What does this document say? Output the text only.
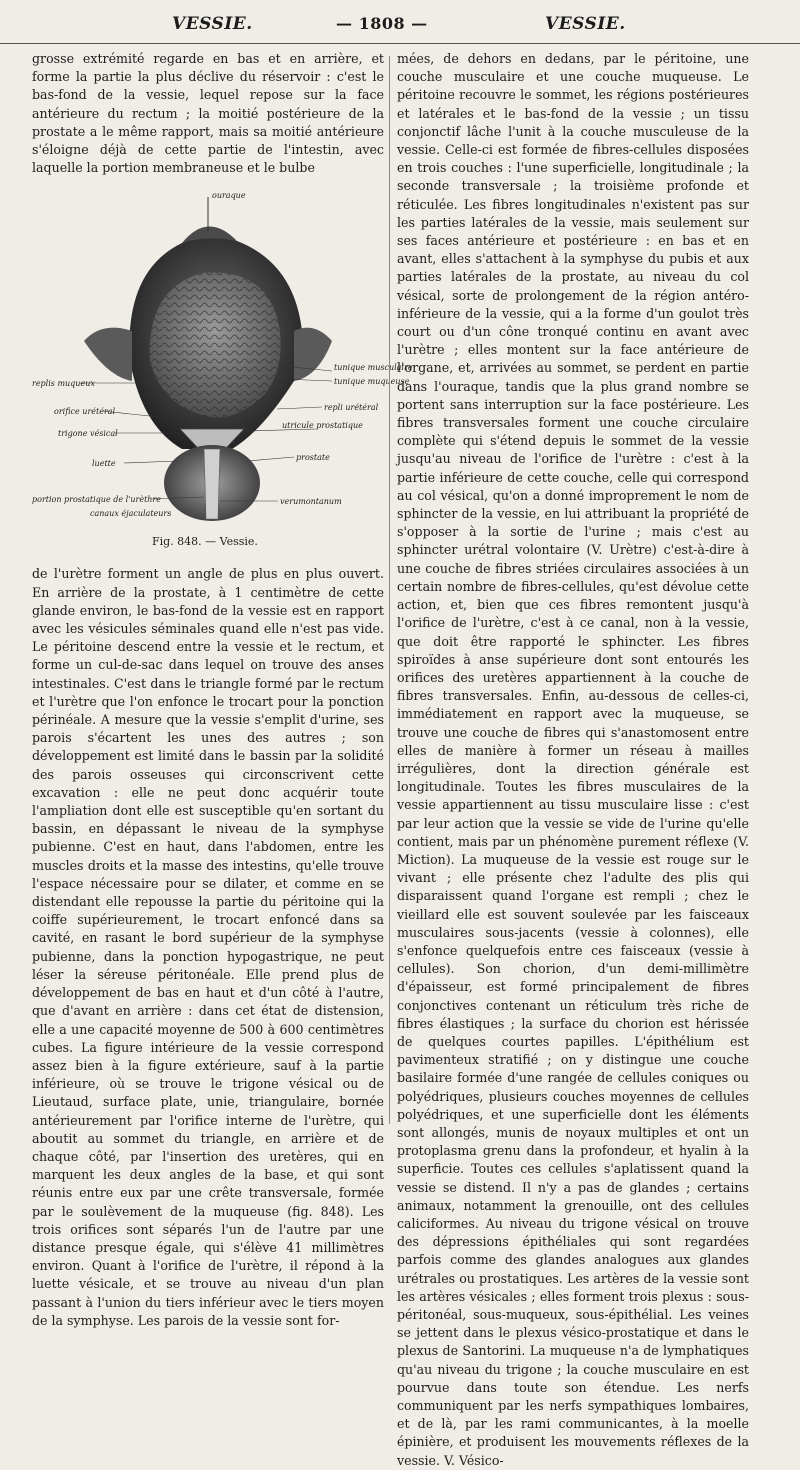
VESSIE.	— 1808 —	VESSIE.

grosse extrémité regarde en bas et en arrière, et forme la partie la plus déclive du réservoir : c'est le bas-fond de la vessie, lequel repose sur la face antérieure du rectum ; la moitié postérieure de la prostate a le même rapport, mais sa moitié antérieure s'éloigne déjà de cette partie de l'intestin, avec laquelle la portion membraneuse et le bulbe

ouraque
tunique musculaire
tunique muqueuse
replis muqueux
orifice urétéral	repli urétéral
trigone vésical
utricule prostatique
luette
prostate
portion prostatique de l'urèthre	verumontanum
canaux éjaculateurs
Fig. 848. — Vessie.

de l'urètre forment un angle de plus en plus ouvert. En arrière de la prostate, à 1 centimètre de cette glande environ, le bas-fond de la vessie est en rapport avec les vésicules séminales quand elle n'est pas vide. Le péritoine descend entre la vessie et le rectum, et forme un cul-de-sac dans lequel on trouve des anses intestinales. C'est dans le triangle formé par le rectum et l'urètre que l'on enfonce le trocart pour la ponction périnéale. A mesure que la vessie s'emplit d'urine, ses parois s'écartent les unes des autres ; son développement est limité dans le bassin par la solidité des parois osseuses qui circonscrivent cette excavation : elle ne peut donc acquérir toute l'ampliation dont elle est susceptible qu'en sortant du bassin, en dépassant le niveau de la symphyse pubienne. C'est en haut, dans l'abdomen, entre les muscles droits et la masse des intestins, qu'elle trouve l'espace nécessaire pour se dilater, et comme en se distendant elle repousse la partie du péritoine qui la coiffe supérieurement, le trocart enfoncé dans sa cavité, en rasant le bord supérieur de la symphyse pubienne, dans la ponction hypogastrique, ne peut léser la séreuse péritonéale. Elle prend plus de développement de bas en haut et d'un côté à l'autre, que d'avant en arrière : dans cet état de distension, elle a une capacité moyenne de 500 à 600 centimètres cubes. La figure intérieure de la vessie correspond assez bien à la figure extérieure, sauf à la partie inférieure, où se trouve le trigone vésical ou de Lieutaud, surface plate, unie, triangulaire, bornée antérieurement par l'orifice interne de l'urètre, qui aboutit au sommet du triangle, en arrière et de chaque côté, par l'insertion des uretères, qui en marquent les deux angles de la base, et qui sont réunis entre eux par une crête transversale, formée par le soulèvement de la muqueuse (fig. 848). Les trois orifices sont séparés l'un de l'autre par une distance presque égale, qui s'élève 41 millimètres environ. Quant à l'orifice de l'urètre, il répond à la luette vésicale, et se trouve au niveau d'un plan passant à l'union du tiers inférieur avec le tiers moyen de la symphyse. Les parois de la vessie sont for-

mées, de dehors en dedans, par le péritoine, une couche musculaire et une couche muqueuse. Le péritoine recouvre le sommet, les régions postérieures et latérales et le bas-fond de la vessie ; un tissu conjonctif lâche l'unit à la couche musculeuse de la vessie. Celle-ci est formée de fibres-cellules disposées en trois couches : l'une superficielle, longitudinale ; la seconde transversale ; la troisième profonde et réticulée. Les fibres longitudinales n'existent pas sur les parties latérales de la vessie, mais seulement sur ses faces antérieure et postérieure : en bas et en avant, elles s'attachent à la symphyse du pubis et aux parties latérales de la prostate, au niveau du col vésical, sorte de prolongement de la région antéro-inférieure de la vessie, qui a la forme d'un goulot très court ou d'un cône tronqué continu en avant avec l'urètre ; elles montent sur la face antérieure de l'organe, et, arrivées au sommet, se perdent en partie dans l'ouraque, tandis que la plus grand nombre se portent sans interruption sur la face postérieure. Les fibres transversales forment une couche circulaire complète qui s'étend depuis le sommet de la vessie jusqu'au niveau de l'orifice de l'urètre : c'est à la partie inférieure de cette couche, celle qui correspond au col vésical, qu'on a donné improprement le nom de sphincter de la vessie, en lui attribuant la propriété de s'opposer à la sortie de l'urine ; mais c'est au sphincter urétral volontaire (V. Urètre) c'est-à-dire à une couche de fibres striées circulaires associées à un certain nombre de fibres-cellules, qu'est dévolue cette action, et, bien que ces fibres remontent jusqu'à l'orifice de l'urètre, c'est à ce canal, non à la vessie, que doit être rapporté le sphincter. Les fibres spiroïdes à anse supérieure dont sont entourés les orifices des uretères appartiennent à la couche de fibres transversales. Enfin, au-dessous de celles-ci, immédiatement en rapport avec la muqueuse, se trouve une couche de fibres qui s'anastomosent entre elles de manière à former un réseau à mailles irrégulières, dont la direction générale est longitudinale. Toutes les fibres musculaires de la vessie appartiennent au tissu musculaire lisse : c'est par leur action que la vessie se vide de l'urine qu'elle contient, mais par un phénomène purement réflexe (V. Miction). La muqueuse de la vessie est rouge sur le vivant ; elle présente chez l'adulte des plis qui disparaissent quand l'organe est rempli ; chez le vieillard elle est souvent soulevée par les faisceaux musculaires sous-jacents (vessie à colonnes), elle s'enfonce quelquefois entre ces faisceaux (vessie à cellules). Son chorion, d'un demi-millimètre d'épaisseur, est formé principalement de fibres conjonctives contenant un réticulum très riche de fibres élastiques ; la surface du chorion est hérissée de quelques courtes papilles. L'épithélium est pavimenteux stratifié ; on y distingue une couche basilaire formée d'une rangée de cellules coniques ou polyédriques, plusieurs couches moyennes de cellules polyédriques, et une superficielle dont les éléments sont allongés, munis de noyaux multiples et ont un protoplasma grenu dans la profondeur, et hyalin à la superficie. Toutes ces cellules s'aplatissent quand la vessie se distend. Il n'y a pas de glandes ; certains animaux, notamment la grenouille, ont des cellules caliciformes. Au niveau du trigone vésical on trouve des dépressions épithéliales qui sont regardées parfois comme des glandes analogues aux glandes urétrales ou prostatiques. Les artères de la vessie sont les artères vésicales ; elles forment trois plexus : sous-péritonéal, sous-muqueux, sous-épithélial. Les veines se jettent dans le plexus vésico-prostatique et dans le plexus de Santorini. La muqueuse n'a de lymphatiques qu'au niveau du trigone ; la couche musculaire en est pourvue dans toute son étendue. Les nerfs communiquent par les nerfs sympathiques lombaires, et de là, par les rami communicantes, à la moelle épinière, et produisent les mouvements réflexes de la vessie. V. Vésico-
